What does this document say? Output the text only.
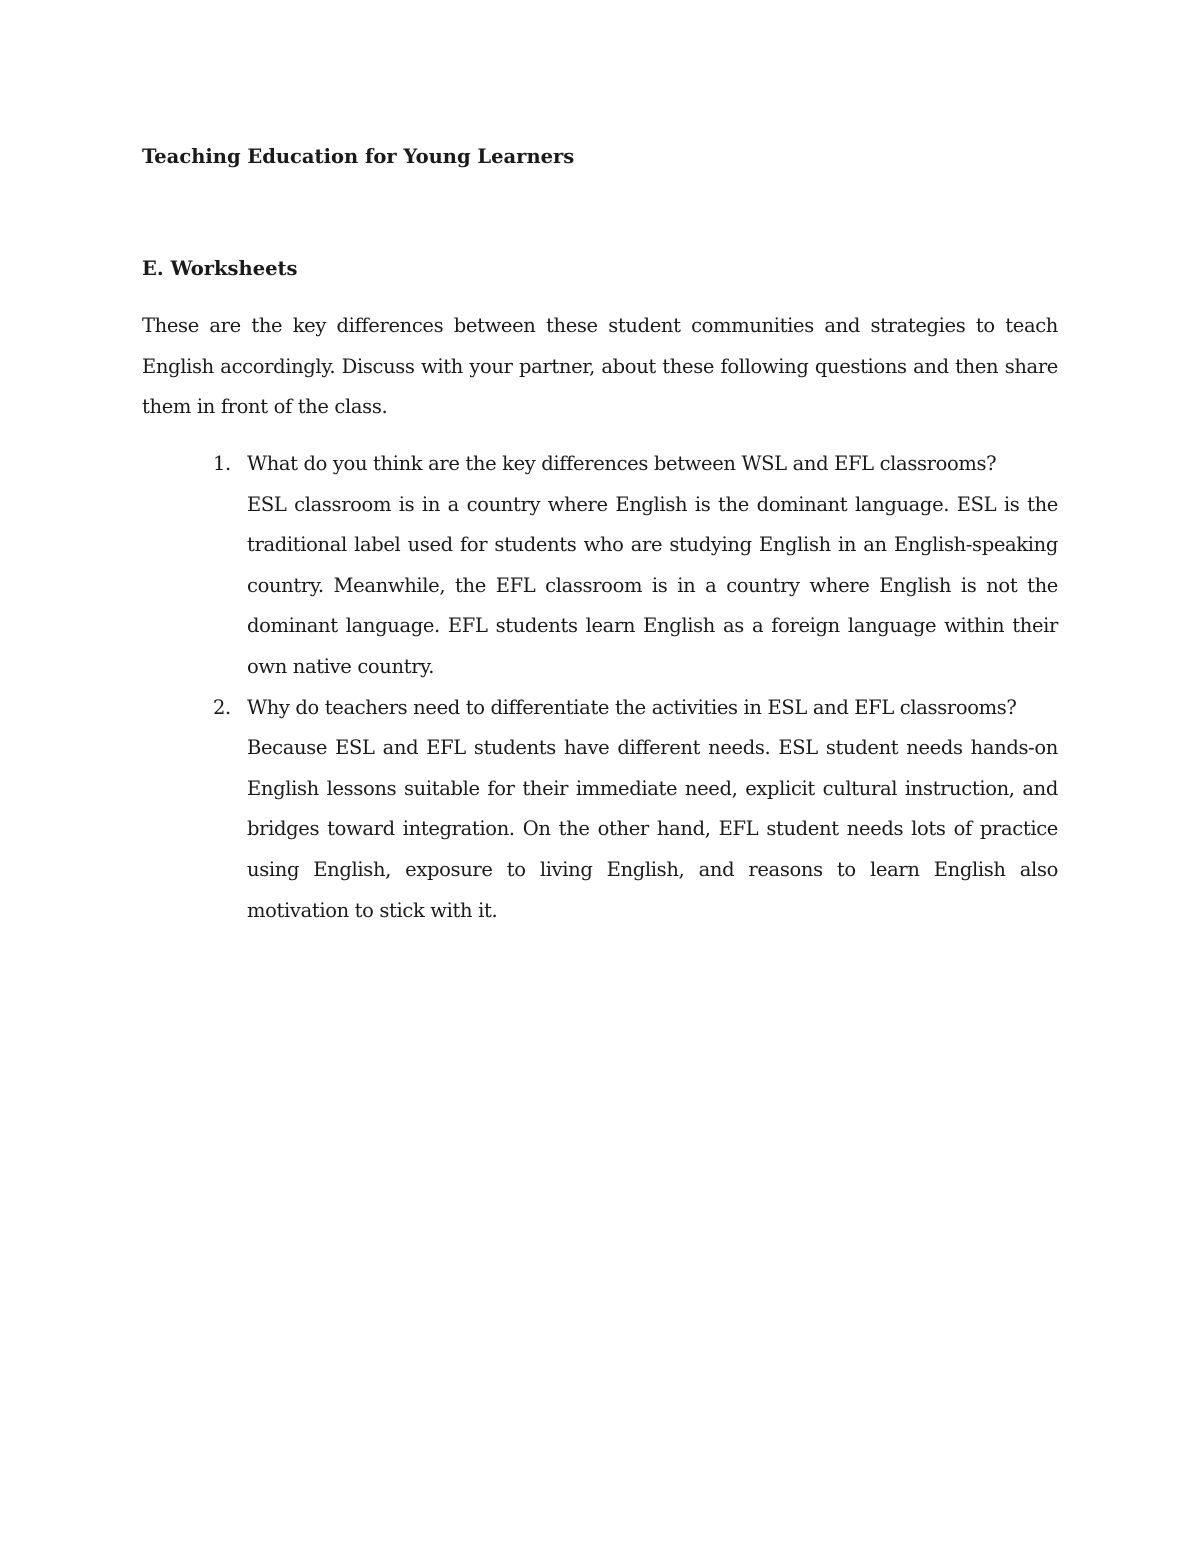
Teaching Education for Young Learners
E. Worksheets

These are the key differences between these student communities and strategies to teach English accordingly. Discuss with your partner, about these following questions and then share them in front of the class.

1. What do you think are the key differences between WSL and EFL classrooms?
ESL classroom is in a country where English is the dominant language. ESL is the traditional label used for students who are studying English in an English-speaking country. Meanwhile, the EFL classroom is in a country where English is not the dominant language. EFL students learn English as a foreign language within their own native country.
2. Why do teachers need to differentiate the activities in ESL and EFL classrooms?
Because ESL and EFL students have different needs. ESL student needs hands-on English lessons suitable for their immediate need, explicit cultural instruction, and bridges toward integration. On the other hand, EFL student needs lots of practice using English, exposure to living English, and reasons to learn English also motivation to stick with it.
